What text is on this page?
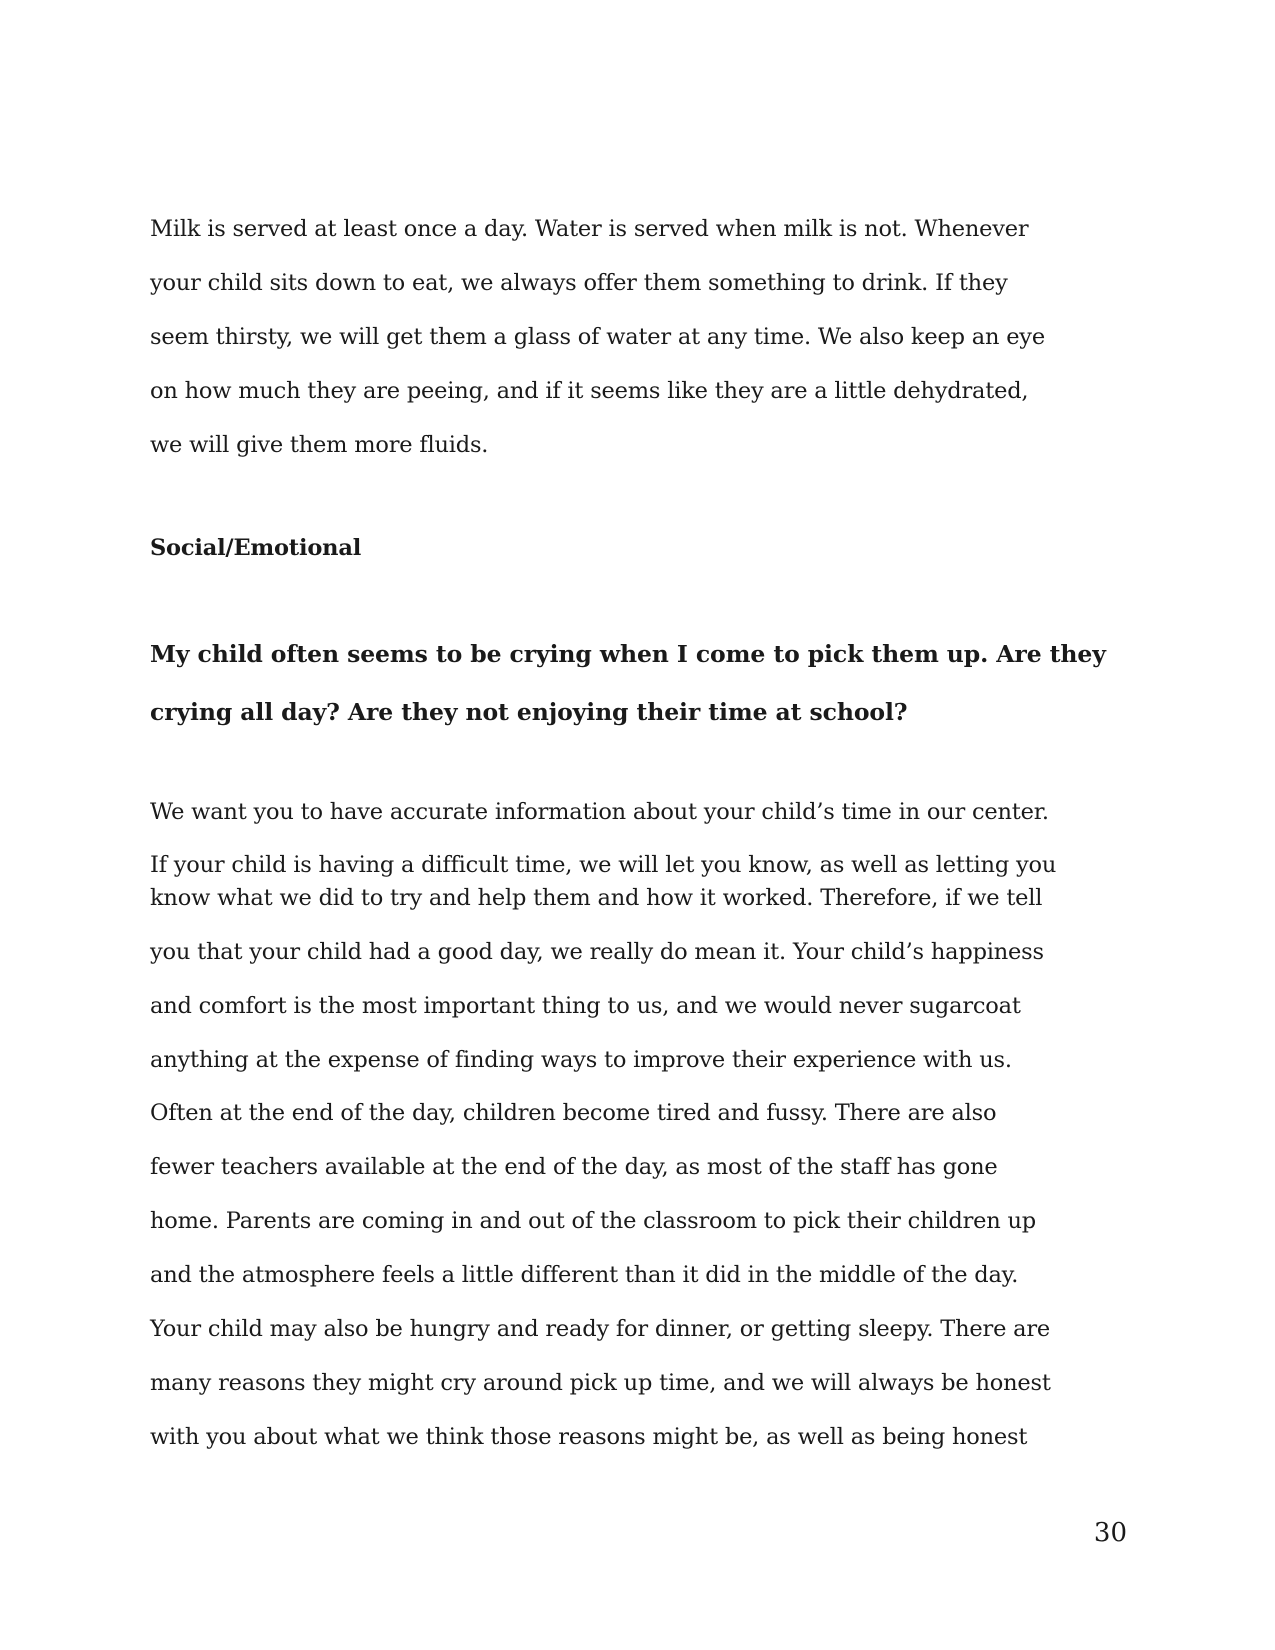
Milk is served at least once a day. Water is served when milk is not. Whenever
your child sits down to eat, we always offer them something to drink. If they
seem thirsty, we will get them a glass of water at any time. We also keep an eye
on how much they are peeing, and if it seems like they are a little dehydrated,
we will give them more fluids.
Social/Emotional
My child often seems to be crying when I come to pick them up. Are they
crying all day? Are they not enjoying their time at school?
We want you to have accurate information about your child’s time in our center.
If your child is having a difficult time, we will let you know, as well as letting you
know what we did to try and help them and how it worked. Therefore, if we tell
you that your child had a good day, we really do mean it. Your child’s happiness
and comfort is the most important thing to us, and we would never sugarcoat
anything at the expense of finding ways to improve their experience with us.
Often at the end of the day, children become tired and fussy. There are also
fewer teachers available at the end of the day, as most of the staff has gone
home. Parents are coming in and out of the classroom to pick their children up
and the atmosphere feels a little different than it did in the middle of the day.
Your child may also be hungry and ready for dinner, or getting sleepy. There are
many reasons they might cry around pick up time, and we will always be honest
with you about what we think those reasons might be, as well as being honest
30
